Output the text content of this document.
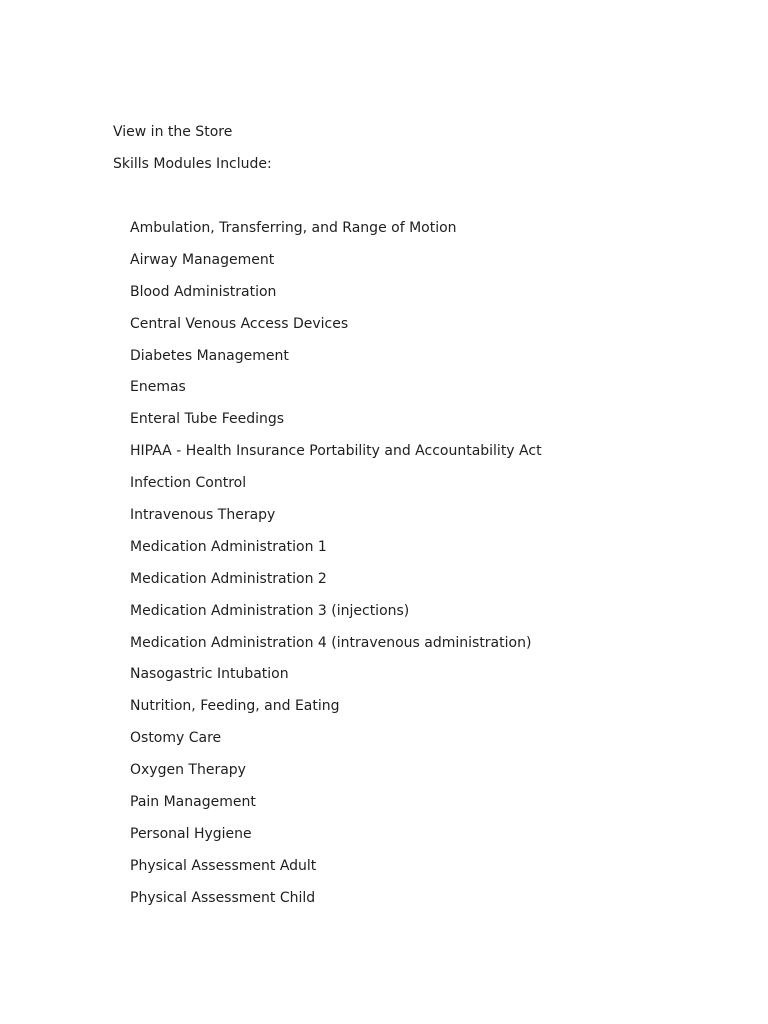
View in the Store
Skills Modules Include:
Ambulation, Transferring, and Range of Motion
Airway Management
Blood Administration
Central Venous Access Devices
Diabetes Management
Enemas
Enteral Tube Feedings
HIPAA - Health Insurance Portability and Accountability Act
Infection Control
Intravenous Therapy
Medication Administration 1
Medication Administration 2
Medication Administration 3 (injections)
Medication Administration 4 (intravenous administration)
Nasogastric Intubation
Nutrition, Feeding, and Eating
Ostomy Care
Oxygen Therapy
Pain Management
Personal Hygiene
Physical Assessment Adult
Physical Assessment Child
